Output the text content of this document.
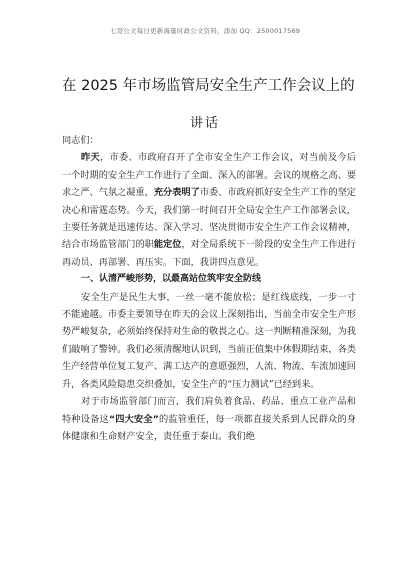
七哥公文每日更新海量时政公文资料，添加 QQ：2500017569
在 2025 年市场监管局安全生产工作会议上的
讲话

同志们：

昨天，市委、市政府召开了全市安全生产工作会议，对当前及今后一个时期的安全生产工作进行了全面、深入的部署。会议的规格之高、要求之严、气氛之凝重，充分表明了市委、市政府抓好安全生产工作的坚定决心和雷霆态势。今天，我们第一时间召开全局安全生产工作部署会议，主要任务就是迅速传达、深入学习、坚决贯彻市安全生产工作会议精神，结合市场监管部门的职能定位，对全局系统下一阶段的安全生产工作进行再动员、再部署、再压实。下面，我讲四点意见。

一、认清严峻形势，以最高站位筑牢安全防线

安全生产是民生大事，一丝一毫不能放松；是红线底线，一步一寸不能逾越。市委主要领导在昨天的会议上深刻指出，当前全市安全生产形势严峻复杂，必须始终保持对生命的敬畏之心。这一判断精准深刻，为我们敲响了警钟。我们必须清醒地认识到，当前正值集中休假期结束，各类生产经营单位复工复产、满工达产的意愿强烈，人流、物流、车流加速回升，各类风险隐患交织叠加，安全生产的“压力测试”已经到来。

对于市场监管部门而言，我们肩负着食品、药品、重点工业产品和特种设备这“四大安全”的监管重任，每一项都直接关系到人民群众的身体健康和生命财产安全，责任重于泰山。我们绝
